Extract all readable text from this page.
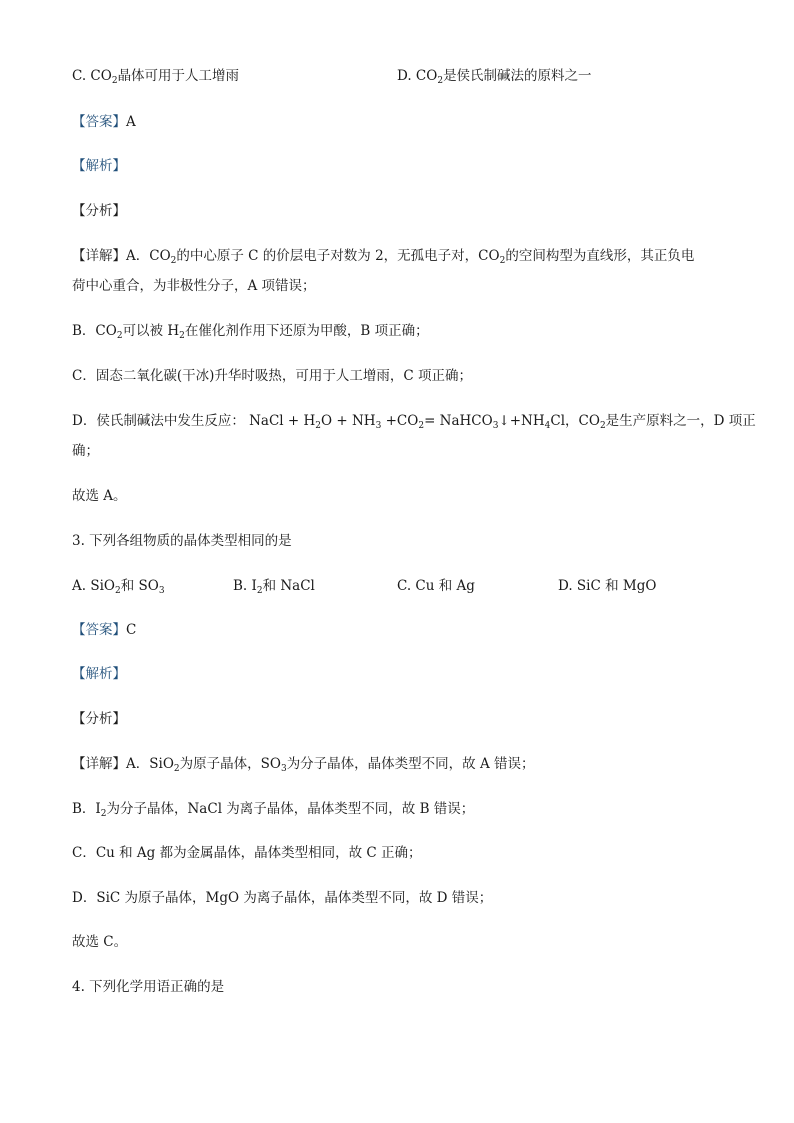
C. $CO_2$晶体可用于人工增雨	D. $CO_2$是侯氏制碱法的原料之一
【答案】A
【解析】
【分析】
【详解】A．$CO_2$的中心原子 C 的价层电子对数为 2，无孤电子对，$CO_2$的空间构型为直线形，其正负电
荷中心重合，为非极性分子，A 项错误；
B．$CO_2$可以被 $H_2$在催化剂作用下还原为甲酸，B 项正确；
C．固态二氧化碳(干冰)升华时吸热，可用于人工增雨，C 项正确；
D．侯氏制碱法中发生反应： NaCl + $H_2O + NH_3 +CO_2=$ $NaHCO_3↓+NH_4Cl$，$CO_2$是生产原料之一，D 项正
确；
故选 A。
3. 下列各组物质的晶体类型相同的是
A. SiO$_2$和 $SO_3$	B. $I_2$和 NaCl	C. Cu 和 Ag	D. SiC 和 MgO
【答案】C
【解析】
【分析】
【详解】A．SiO$_2$为原子晶体，$SO_3$为分子晶体，晶体类型不同，故 A 错误；
B．$I_2$为分子晶体，NaCl 为离子晶体，晶体类型不同，故 B 错误；
C．Cu 和 Ag 都为金属晶体，晶体类型相同，故 C 正确；
D．SiC 为原子晶体，MgO 为离子晶体，晶体类型不同，故 D 错误；
故选 C。
4. 下列化学用语正确的是
